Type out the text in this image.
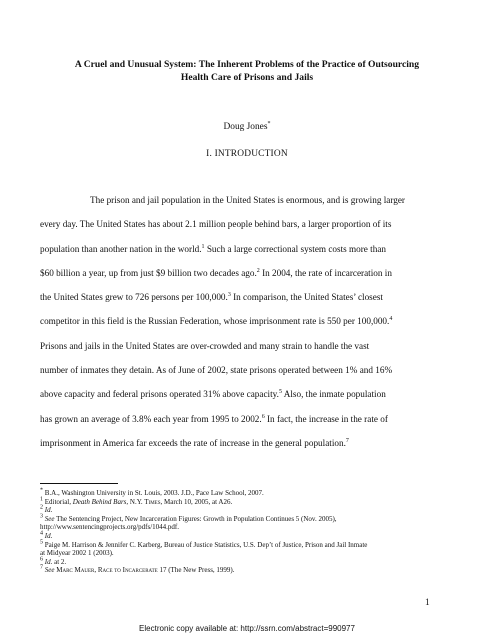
A Cruel and Unusual System: The Inherent Problems of the Practice of Outsourcing
Health Care of Prisons and Jails
Doug Jones*
I. INTRODUCTION
The prison and jail population in the United States is enormous, and is growing larger
every day. The United States has about 2.1 million people behind bars, a larger proportion of its
population than another nation in the world.$^1$ Such a large correctional system costs more than
$60 billion a year, up from just $9 billion two decades ago.$^2$ In 2004, the rate of incarceration in
the United States grew to 726 persons per 100,000.$^3$ In comparison, the United States’ closest
competitor in this field is the Russian Federation, whose imprisonment rate is 550 per 100,000.$^4$
Prisons and jails in the United States are over-crowded and many strain to handle the vast
number of inmates they detain. As of June of 2002, state prisons operated between 1% and 16%
above capacity and federal prisons operated 31% above capacity.$^5$ Also, the inmate population
has grown an average of 3.8% each year from 1995 to 2002.$^6$ In fact, the increase in the rate of
imprisonment in America far exceeds the rate of increase in the general population.$^7$
* B.A., Washington University in St. Louis, 2003. J.D., Pace Law School, 2007.
$^1$ Editorial, Death Behind Bars, N.Y. Times, March 10, 2005, at A26.
$^2$ Id.
$^3$ See The Sentencing Project, New Incarceration Figures: Growth in Population Continues 5 (Nov. 2005),
http://www.sentencingprojects.org/pdfs/1044.pdf.
$^4$ Id.
$^5$ Paige M. Harrison & Jennifer C. Karberg, Bureau of Justice Statistics, U.S. Dep’t of Justice, Prison and Jail Inmate
at Midyear 2002 1 (2003).
$^6$ Id. at 2.
$^7$ See Marc Mauer, Race to Incarcerate 17 (The New Press, 1999).
1
Electronic copy available at: http://ssrn.com/abstract=990977
